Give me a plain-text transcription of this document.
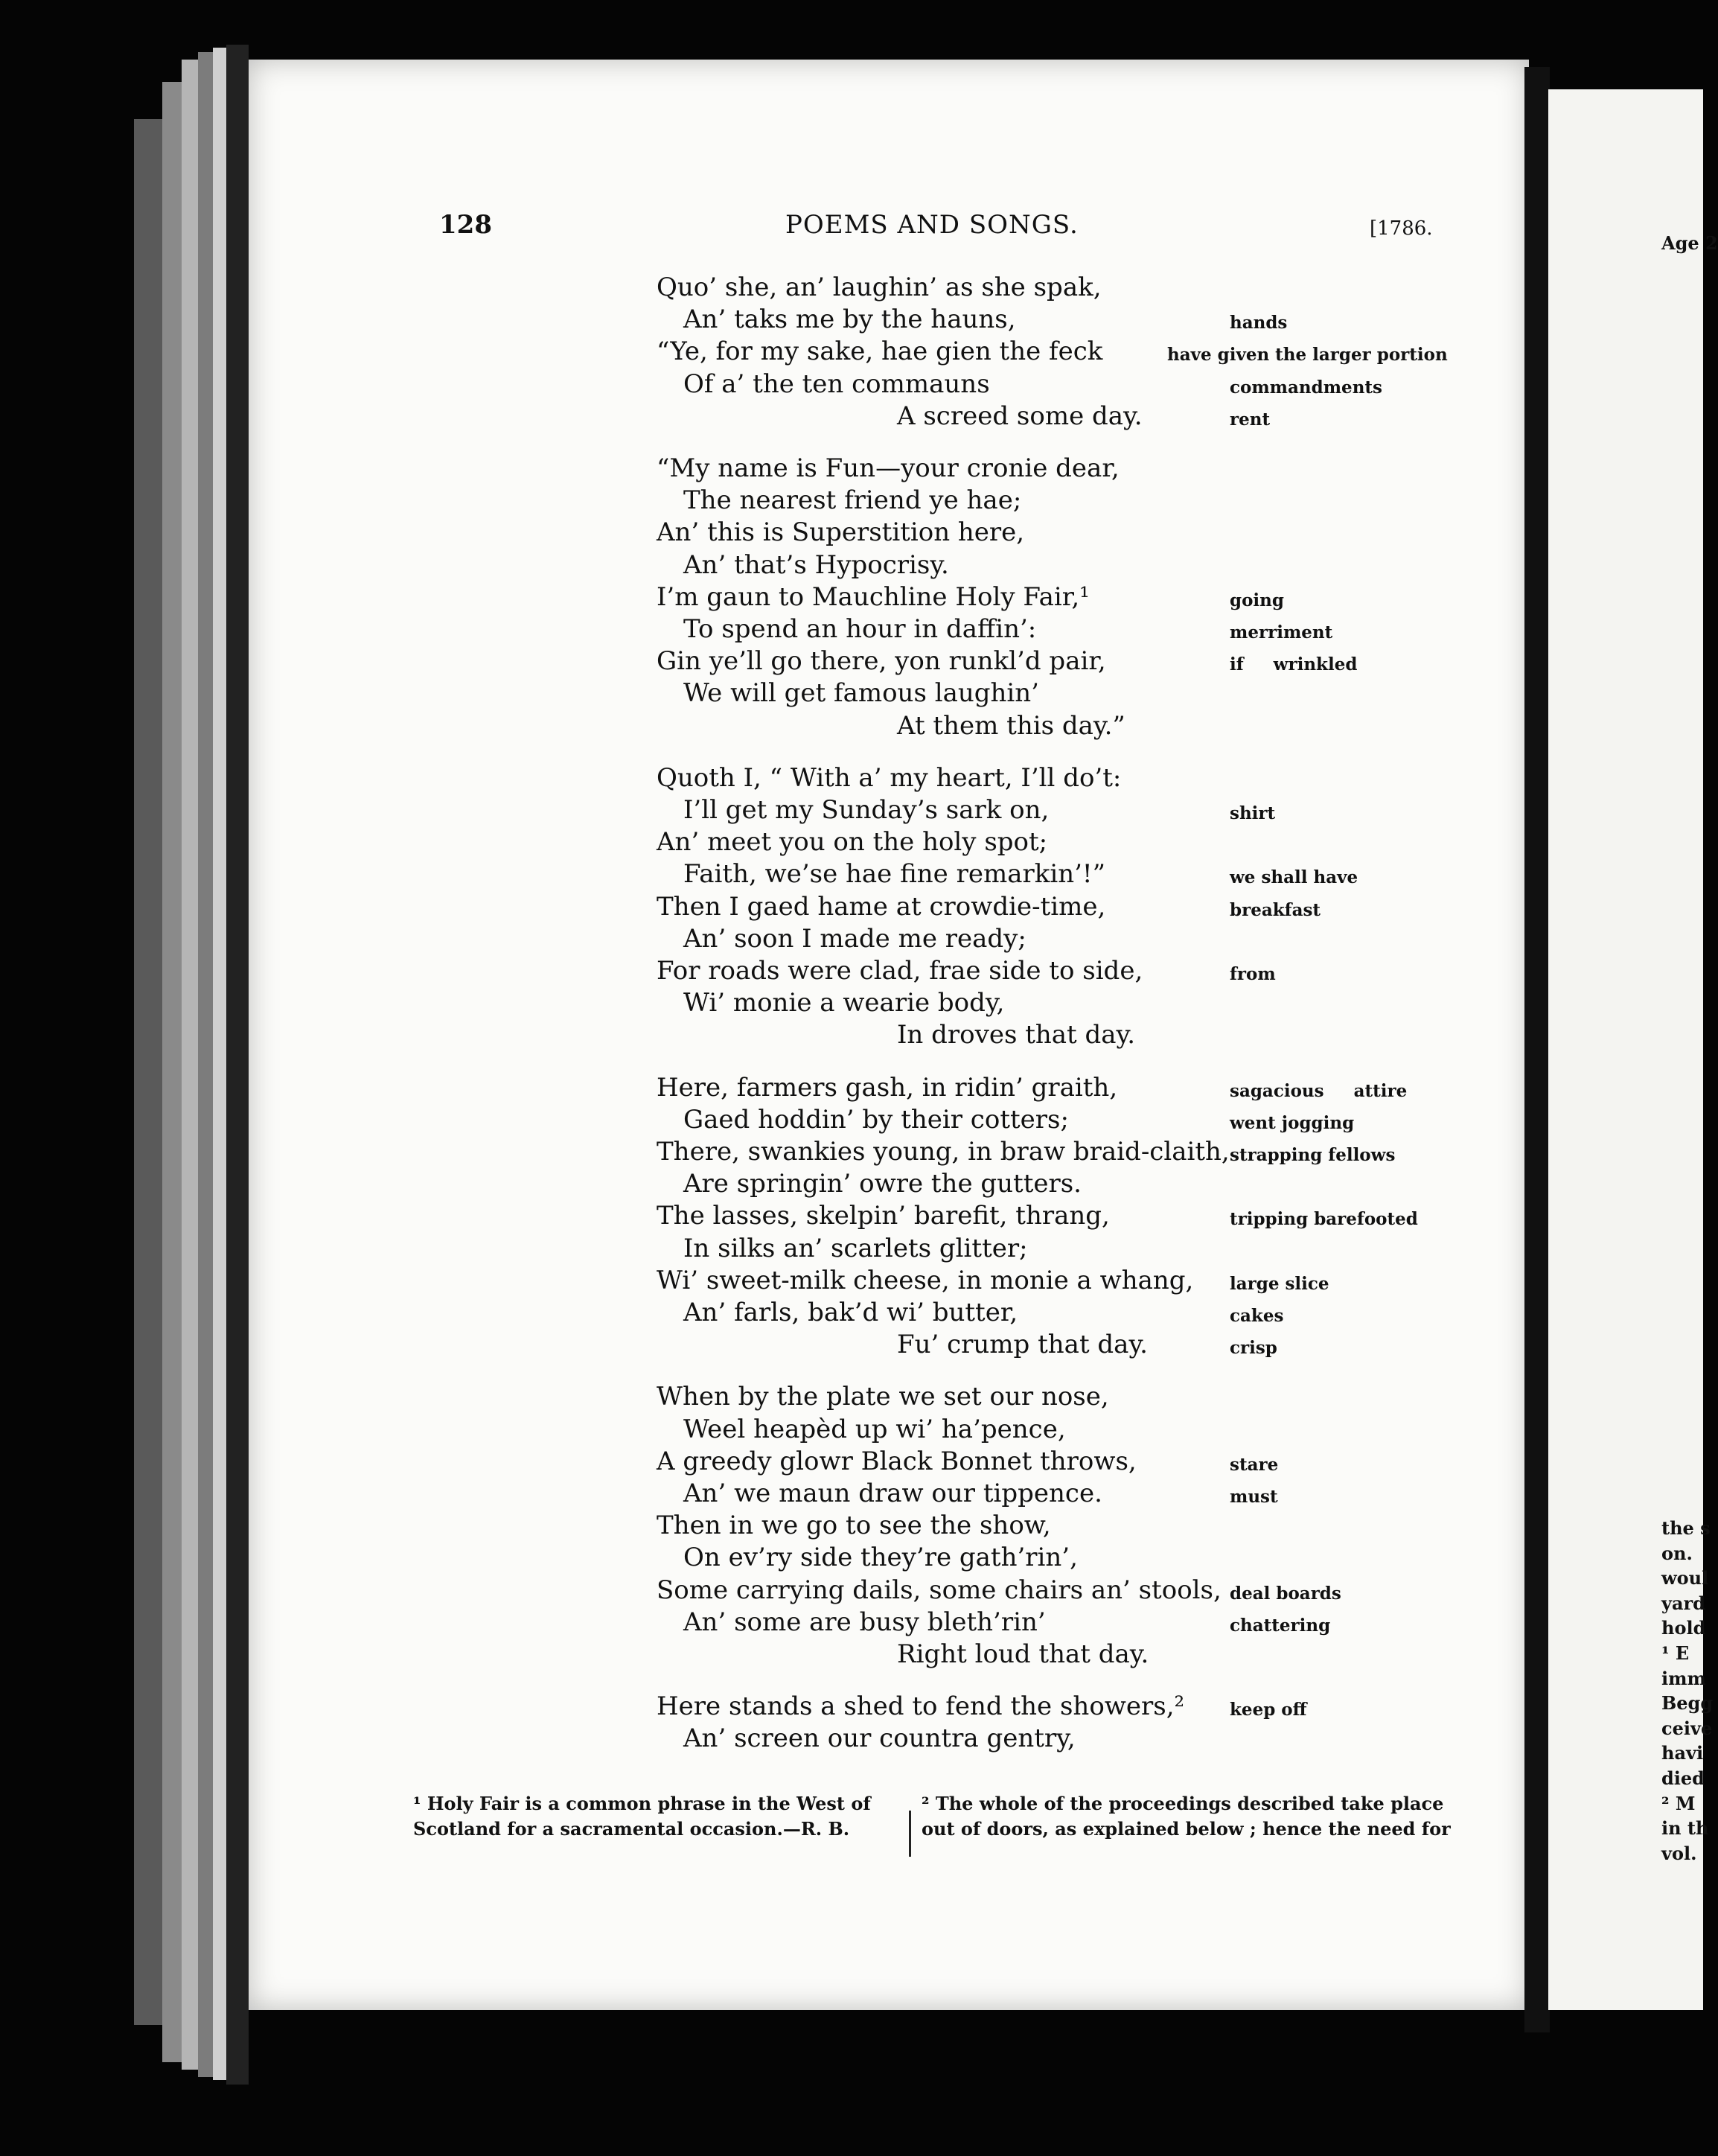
128	POEMS AND SONGS.	[1786.
Quo’ she, an’ laughin’ as she spak,
An’ taks me by the hauns,
“Ye, for my sake, hae gien the feck
Of a’ the ten commauns
A screed some day.
“My name is Fun—your cronie dear,
The nearest friend ye hae;
An’ this is Superstition here,
An’ that’s Hypocrisy.
I’m gaun to Mauchline Holy Fair,¹
To spend an hour in daffin’:
Gin ye’ll go there, yon runkl’d pair,
We will get famous laughin’
At them this day.”
Quoth I, “ With a’ my heart, I’ll do’t:
I’ll get my Sunday’s sark on,
An’ meet you on the holy spot;
Faith, we’se hae fine remarkin’!”
Then I gaed hame at crowdie-time,
An’ soon I made me ready;
For roads were clad, frae side to side,
Wi’ monie a wearie body,
In droves that day.
Here, farmers gash, in ridin’ graith,
Gaed hoddin’ by their cotters;
There, swankies young, in braw braid-claith,
Are springin’ owre the gutters.
The lasses, skelpin’ barefit, thrang,
In silks an’ scarlets glitter;
Wi’ sweet-milk cheese, in monie a whang,
An’ farls, bak’d wi’ butter,
Fu’ crump that day.
When by the plate we set our nose,
Weel heapèd up wi’ ha’pence,
A greedy glowr Black Bonnet throws,
An’ we maun draw our tippence.
Then in we go to see the show,
On ev’ry side they’re gath’rin’,
Some carrying dails, some chairs an’ stools,
An’ some are busy bleth’rin’
Right loud that day.
Here stands a shed to fend the showers,²
An’ screen our countra gentry,
hands
have given the larger portion
commandments
rent
going
merriment
if     wrinkled
shirt
we shall have
breakfast
from
sagacious     attire
went jogging
strapping fellows
tripping barefooted
large slice
cakes
crisp
stare
must
deal boards
chattering
keep off
¹ Holy Fair is a common phrase in the West of
Scotland for a sacramental occasion.—R. B.
² The whole of the proceedings described take place
out of doors, as explained below ; hence the need for
Age 2
the s
on.
woul
yard
hold
¹ E
imm
Begg
ceive
havi
died
² M
in th
vol.
